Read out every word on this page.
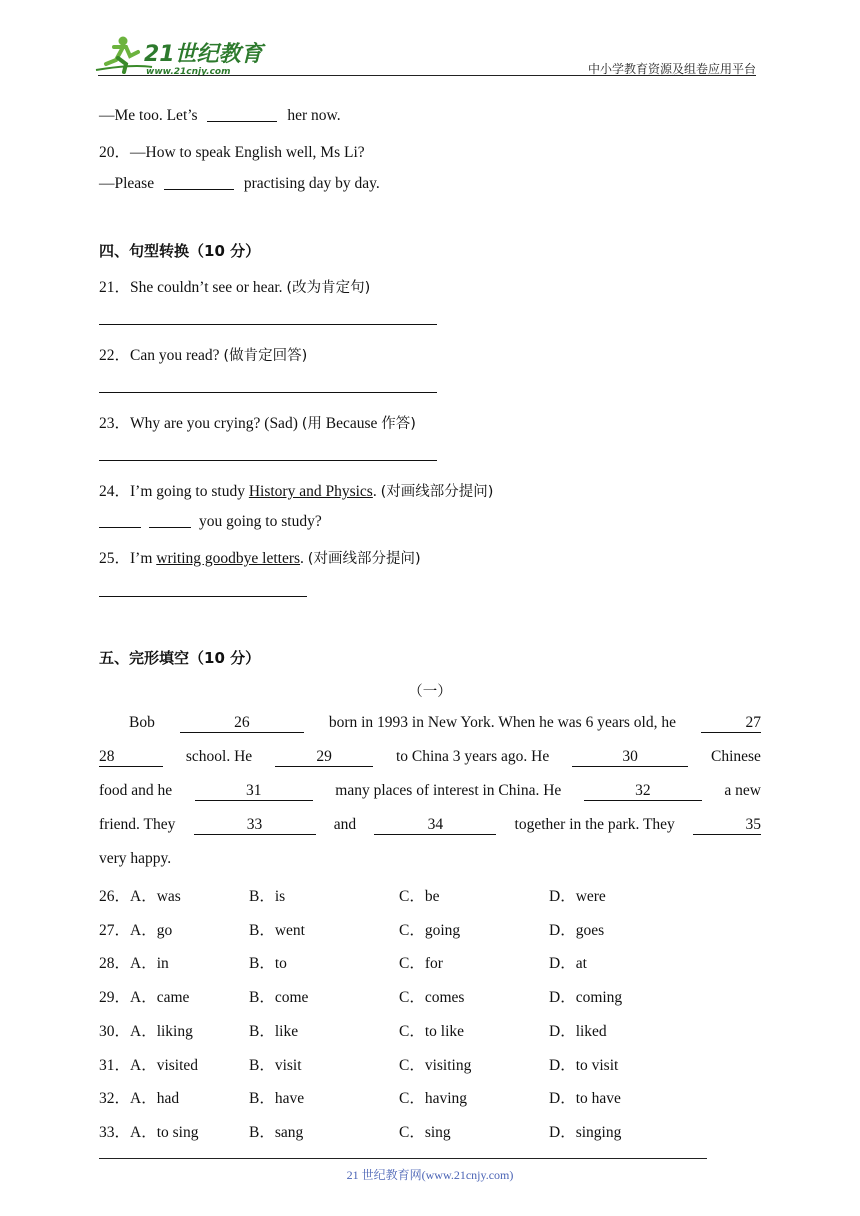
21世纪教育
www.21cnjy.com	中小学教育资源及组卷应用平台
—Me too. Let’s	her now.
20．—How to speak English well, Ms Li?
—Please	practising day by day.
四、句型转换（10 分）
21．She couldn’t see or hear. (改为肯定句)
22．Can you read? (做肯定回答)
23．Why are you crying? (Sad) (用 Because 作答)
24．I’m going to study History and Physics. (对画线部分提问)
you going to study?
25．I’m writing goodbye letters. (对画线部分提问)
五、完形填空（10 分）
（一）
Bob	26	born in 1993 in New York. When he was 6 years old, he	27
28	school. He	29	to China 3 years ago. He	30	Chinese
food and he	31	many places of interest in China. He	32	a new
friend. They	33	and	34	together in the park. They	35
very happy.
26．A．was	B．is	C．be	D．were
27．A．go	B．went	C．going	D．goes
28．A．in	B．to	C．for	D．at
29．A．came	B．come	C．comes	D．coming
30．A．liking	B．like	C．to like	D．liked
31．A．visited	B．visit	C．visiting	D．to visit
32．A．had	B．have	C．having	D．to have
33．A．to sing	B．sang	C．sing	D．singing
21 世纪教育网(www.21cnjy.com)
